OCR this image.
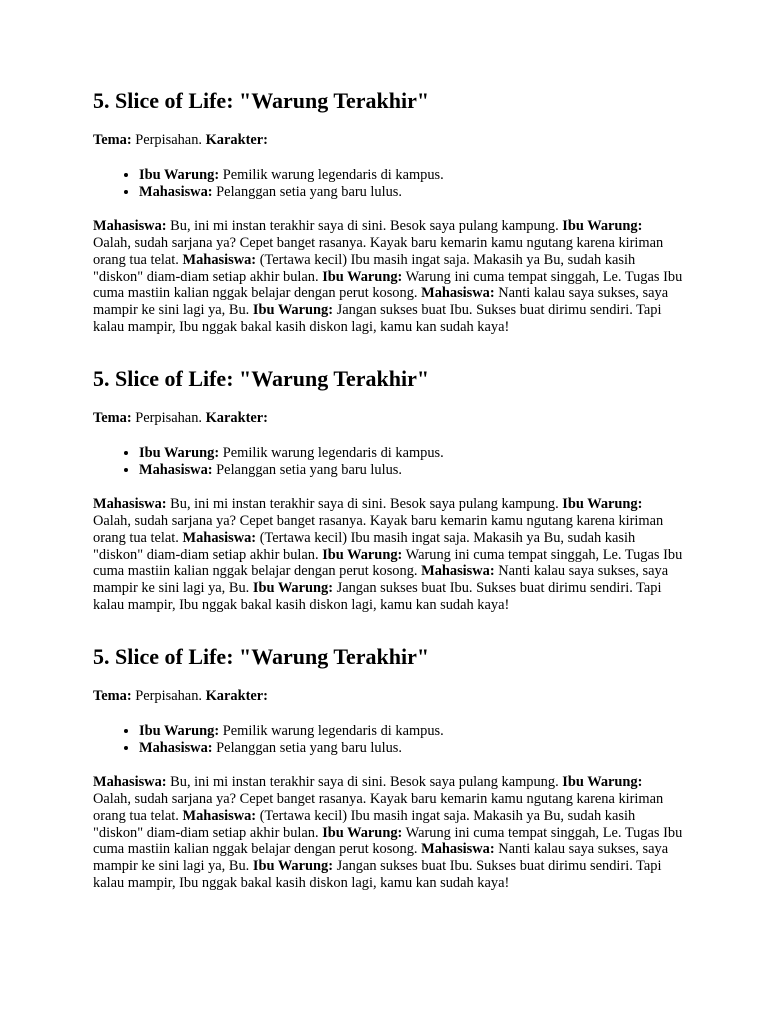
5. Slice of Life: "Warung Terakhir"

Tema: Perpisahan. Karakter:

• Ibu Warung: Pemilik warung legendaris di kampus.
• Mahasiswa: Pelanggan setia yang baru lulus.

Mahasiswa: Bu, ini mi instan terakhir saya di sini. Besok saya pulang kampung. Ibu Warung: Oalah, sudah sarjana ya? Cepet banget rasanya. Kayak baru kemarin kamu ngutang karena kiriman orang tua telat. Mahasiswa: (Tertawa kecil) Ibu masih ingat saja. Makasih ya Bu, sudah kasih "diskon" diam-diam setiap akhir bulan. Ibu Warung: Warung ini cuma tempat singgah, Le. Tugas Ibu cuma mastiin kalian nggak belajar dengan perut kosong. Mahasiswa: Nanti kalau saya sukses, saya mampir ke sini lagi ya, Bu. Ibu Warung: Jangan sukses buat Ibu. Sukses buat dirimu sendiri. Tapi kalau mampir, Ibu nggak bakal kasih diskon lagi, kamu kan sudah kaya!

5. Slice of Life: "Warung Terakhir"

Tema: Perpisahan. Karakter:

• Ibu Warung: Pemilik warung legendaris di kampus.
• Mahasiswa: Pelanggan setia yang baru lulus.

Mahasiswa: Bu, ini mi instan terakhir saya di sini. Besok saya pulang kampung. Ibu Warung: Oalah, sudah sarjana ya? Cepet banget rasanya. Kayak baru kemarin kamu ngutang karena kiriman orang tua telat. Mahasiswa: (Tertawa kecil) Ibu masih ingat saja. Makasih ya Bu, sudah kasih "diskon" diam-diam setiap akhir bulan. Ibu Warung: Warung ini cuma tempat singgah, Le. Tugas Ibu cuma mastiin kalian nggak belajar dengan perut kosong. Mahasiswa: Nanti kalau saya sukses, saya mampir ke sini lagi ya, Bu. Ibu Warung: Jangan sukses buat Ibu. Sukses buat dirimu sendiri. Tapi kalau mampir, Ibu nggak bakal kasih diskon lagi, kamu kan sudah kaya!

5. Slice of Life: "Warung Terakhir"

Tema: Perpisahan. Karakter:

• Ibu Warung: Pemilik warung legendaris di kampus.
• Mahasiswa: Pelanggan setia yang baru lulus.

Mahasiswa: Bu, ini mi instan terakhir saya di sini. Besok saya pulang kampung. Ibu Warung: Oalah, sudah sarjana ya? Cepet banget rasanya. Kayak baru kemarin kamu ngutang karena kiriman orang tua telat. Mahasiswa: (Tertawa kecil) Ibu masih ingat saja. Makasih ya Bu, sudah kasih "diskon" diam-diam setiap akhir bulan. Ibu Warung: Warung ini cuma tempat singgah, Le. Tugas Ibu cuma mastiin kalian nggak belajar dengan perut kosong. Mahasiswa: Nanti kalau saya sukses, saya mampir ke sini lagi ya, Bu. Ibu Warung: Jangan sukses buat Ibu. Sukses buat dirimu sendiri. Tapi kalau mampir, Ibu nggak bakal kasih diskon lagi, kamu kan sudah kaya!
